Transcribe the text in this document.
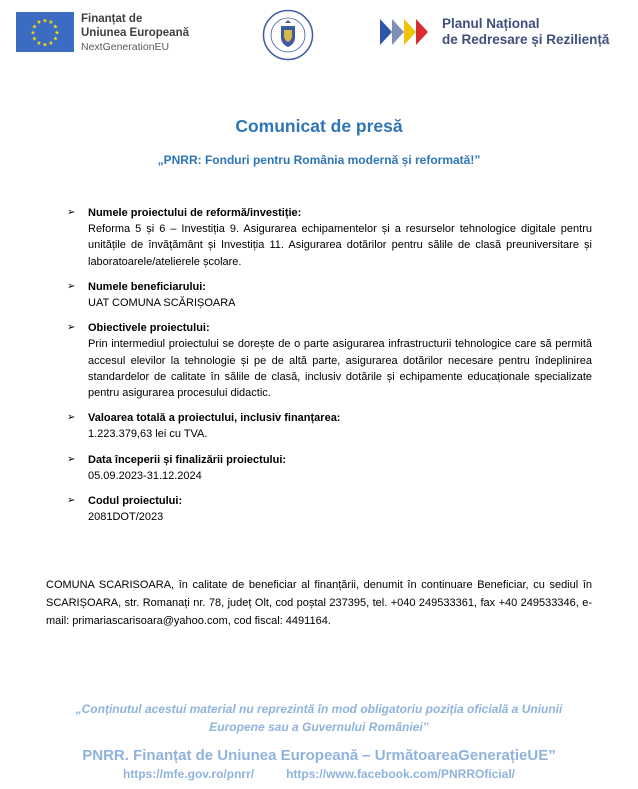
★ ★
★
★
★
★
★
★
★
★
★
★	Finanțat de
Uniunea Europeană
NextGenerationEU
Planul Național
de Redresare și Reziliență
Comunicat de presă
„PNRR: Fonduri pentru România modernă și reformată!”
➢ Numele proiectului de reformă/investiție:
Reforma 5 și 6 – Investiția 9. Asigurarea echipamentelor și a resurselor tehnologice digitale pentru unitățile de învățământ și Investiția 11. Asigurarea dotărilor pentru sălile de clasă preuniversitare și laboratoarele/atelierele școlare.
➢ Numele beneficiarului:
UAT COMUNA SCĂRIȘOARA
➢ Obiectivele proiectului:
Prin intermediul proiectului se dorește de o parte asigurarea infrastructurii tehnologice care să permită accesul elevilor la tehnologie și pe de altă parte, asigurarea dotărilor necesare pentru îndeplinirea standardelor de calitate în sălile de clasă, inclusiv dotările și echipamente educaționale specializate pentru asigurarea procesului didactic.
➢ Valoarea totală a proiectului, inclusiv finanțarea:
1.223.379,63 lei cu TVA.
➢ Data începerii și finalizării proiectului:
05.09.2023-31.12.2024
➢ Codul proiectului:
2081DOT/2023
COMUNA SCARISOARA, în calitate de beneficiar al finanțării, denumit în continuare Beneficiar, cu sediul în SCARIȘOARA, str. Romanați nr. 78, județ Olt, cod poștal 237395, tel. +040 249533361, fax +40 249533346, e-mail: primariascarisoara@yahoo.com, cod fiscal: 4491164.
„Conținutul acestui material nu reprezintă în mod obligatoriu poziția oficială a Uniunii Europene sau a Guvernului României”
PNRR. Finanțat de Uniunea Europeană – UrmătoareaGenerațieUE”
https://mfe.gov.ro/pnrr/	https://www.facebook.com/PNRROficial/
